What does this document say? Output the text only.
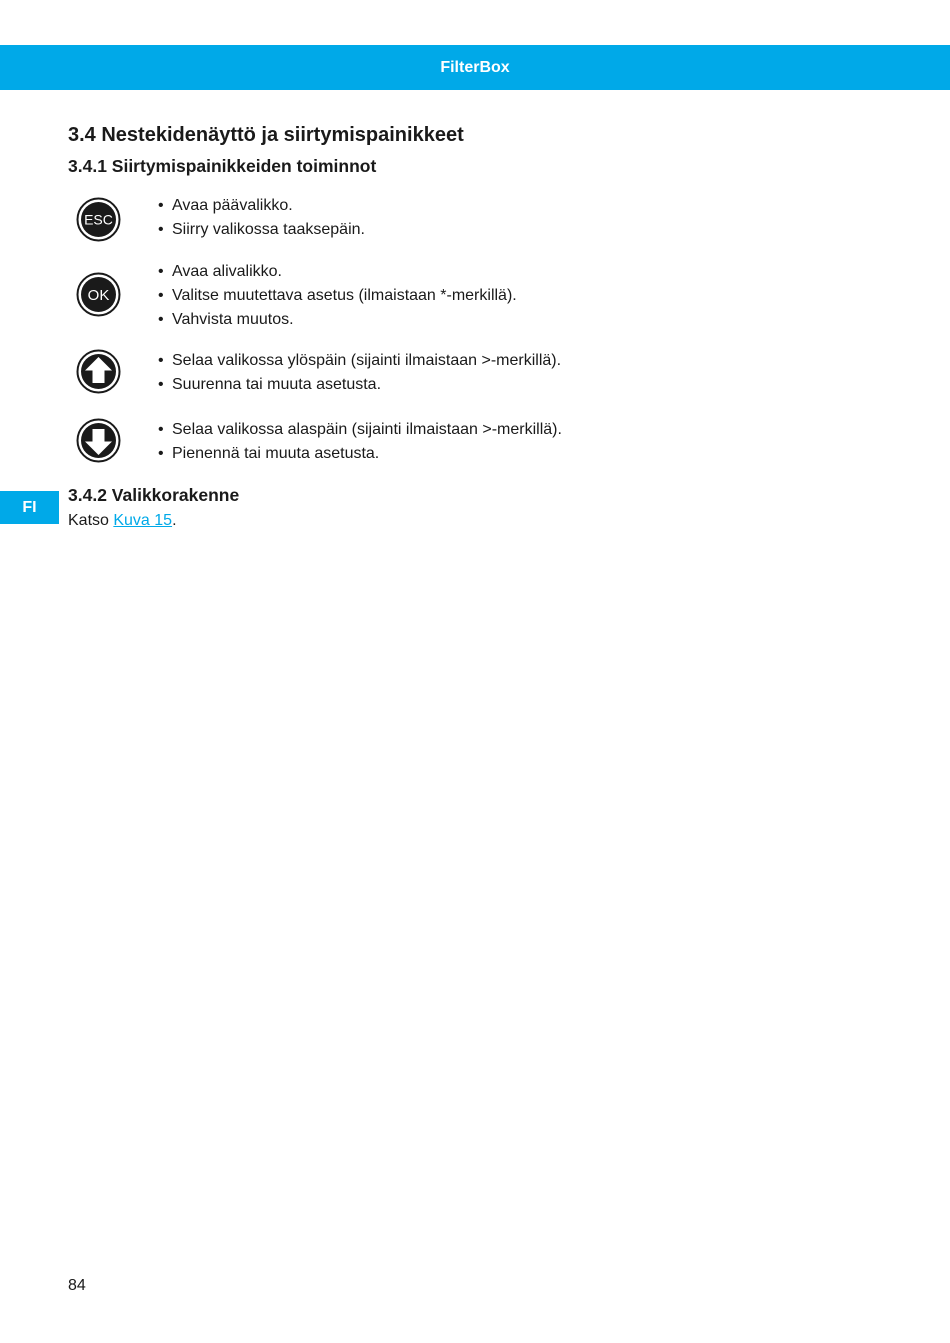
FilterBox
FI
3.4 Nestekidenäyttö ja siirtymispainikkeet
3.4.1 Siirtymispainikkeiden toiminnot
ESC
• Avaa päävalikko.
• Siirry valikossa taaksepäin.
OK
• Avaa alivalikko.
• Valitse muutettava asetus (ilmaistaan *-merkillä).
• Vahvista muutos.
• Selaa valikossa ylöspäin (sijainti ilmaistaan >-merkillä).
• Suurenna tai muuta asetusta.
• Selaa valikossa alaspäin (sijainti ilmaistaan >-merkillä).
• Pienennä tai muuta asetusta.
3.4.2 Valikkorakenne
Katso Kuva 15.
84
